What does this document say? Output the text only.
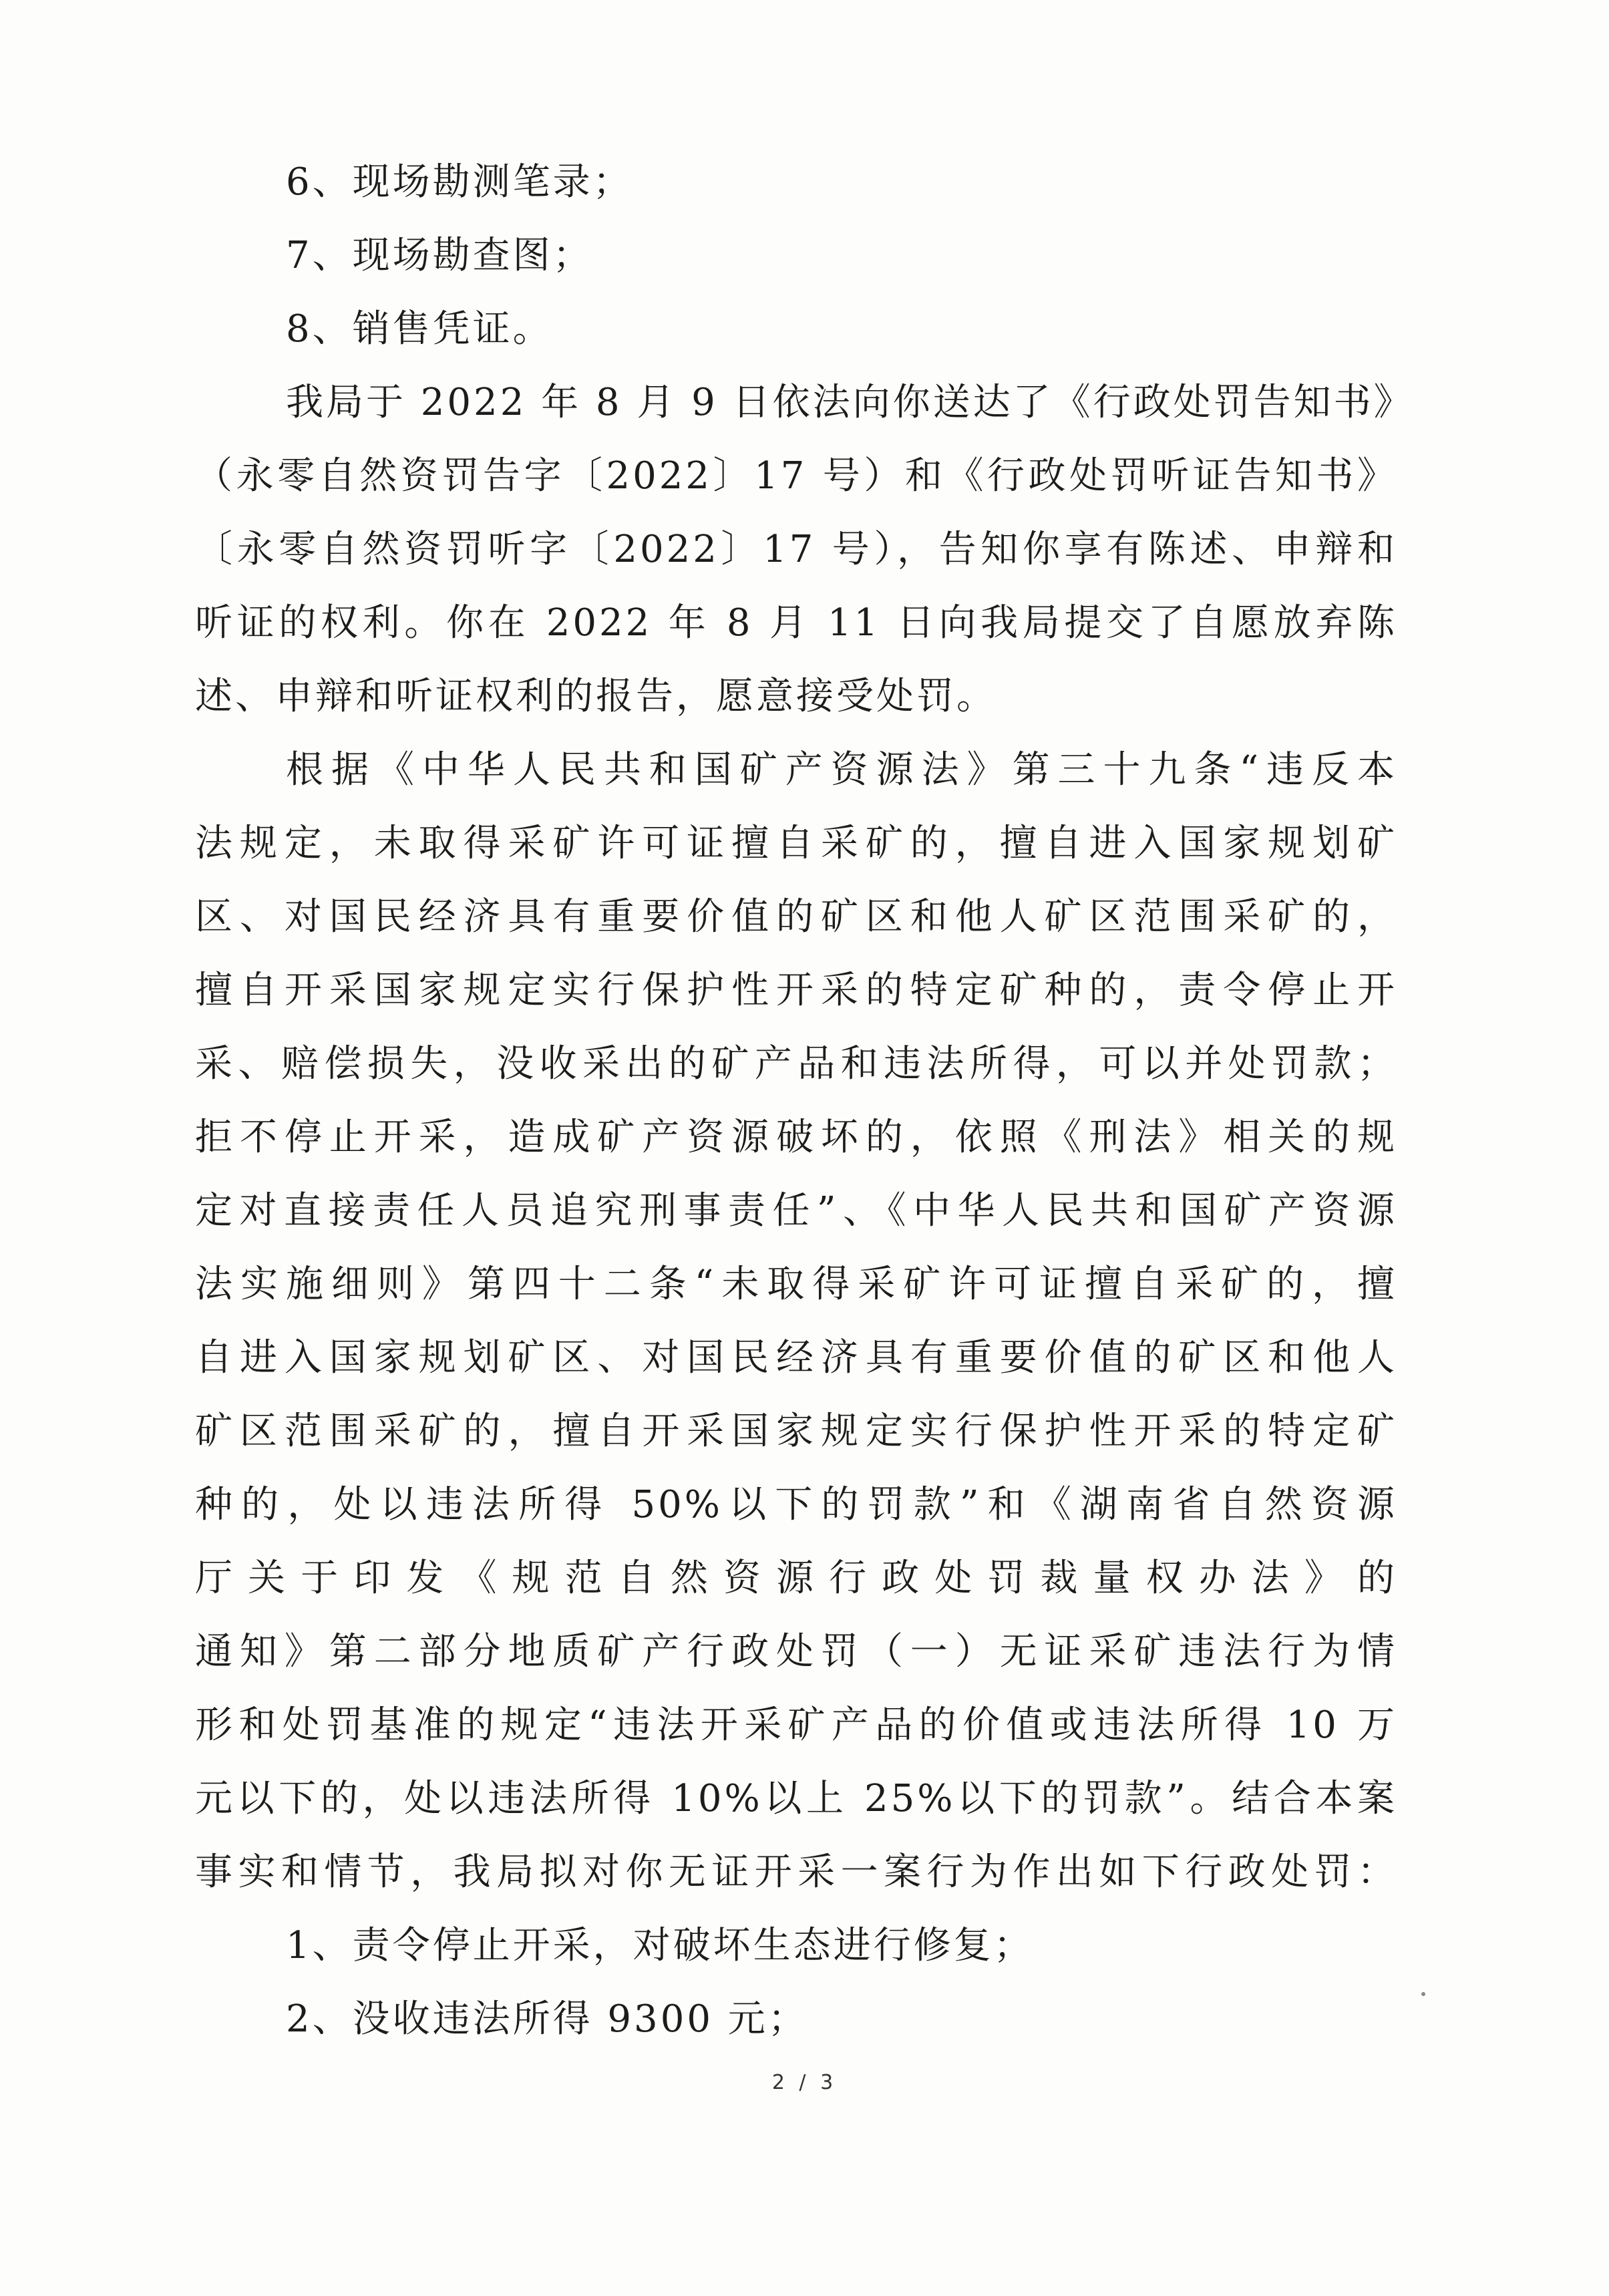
6、现场勘测笔录；
7、现场勘查图；
8、销售凭证。
我局于 2022 年 8 月 9 日依法向你送达了《行政处罚告知书》
（永零自然资罚告字〔2022〕17 号）和《行政处罚听证告知书》
〔永零自然资罚听字〔2022〕17 号），告知你享有陈述、申辩和
听证的权利。你在 2022 年 8 月 11 日向我局提交了自愿放弃陈
述、申辩和听证权利的报告，愿意接受处罚。
根据《中华人民共和国矿产资源法》第三十九条“违反本
法规定，未取得采矿许可证擅自采矿的，擅自进入国家规划矿
区、对国民经济具有重要价值的矿区和他人矿区范围采矿的，
擅自开采国家规定实行保护性开采的特定矿种的，责令停止开
采、赔偿损失，没收采出的矿产品和违法所得，可以并处罚款；
拒不停止开采，造成矿产资源破坏的，依照《刑法》相关的规
定对直接责任人员追究刑事责任”、《中华人民共和国矿产资源
法实施细则》第四十二条“未取得采矿许可证擅自采矿的，擅
自进入国家规划矿区、对国民经济具有重要价值的矿区和他人
矿区范围采矿的，擅自开采国家规定实行保护性开采的特定矿
种的，处以违法所得 50%以下的罚款”和《湖南省自然资源
厅关于印发《规范自然资源行政处罚裁量权办法》的
通知》第二部分地质矿产行政处罚（一）无证采矿违法行为情
形和处罚基准的规定“违法开采矿产品的价值或违法所得 10 万
元以下的，处以违法所得 10%以上 25%以下的罚款”。结合本案
事实和情节，我局拟对你无证开采一案行为作出如下行政处罚：
1、责令停止开采，对破坏生态进行修复；
2、没收违法所得 9300 元；
2 / 3
